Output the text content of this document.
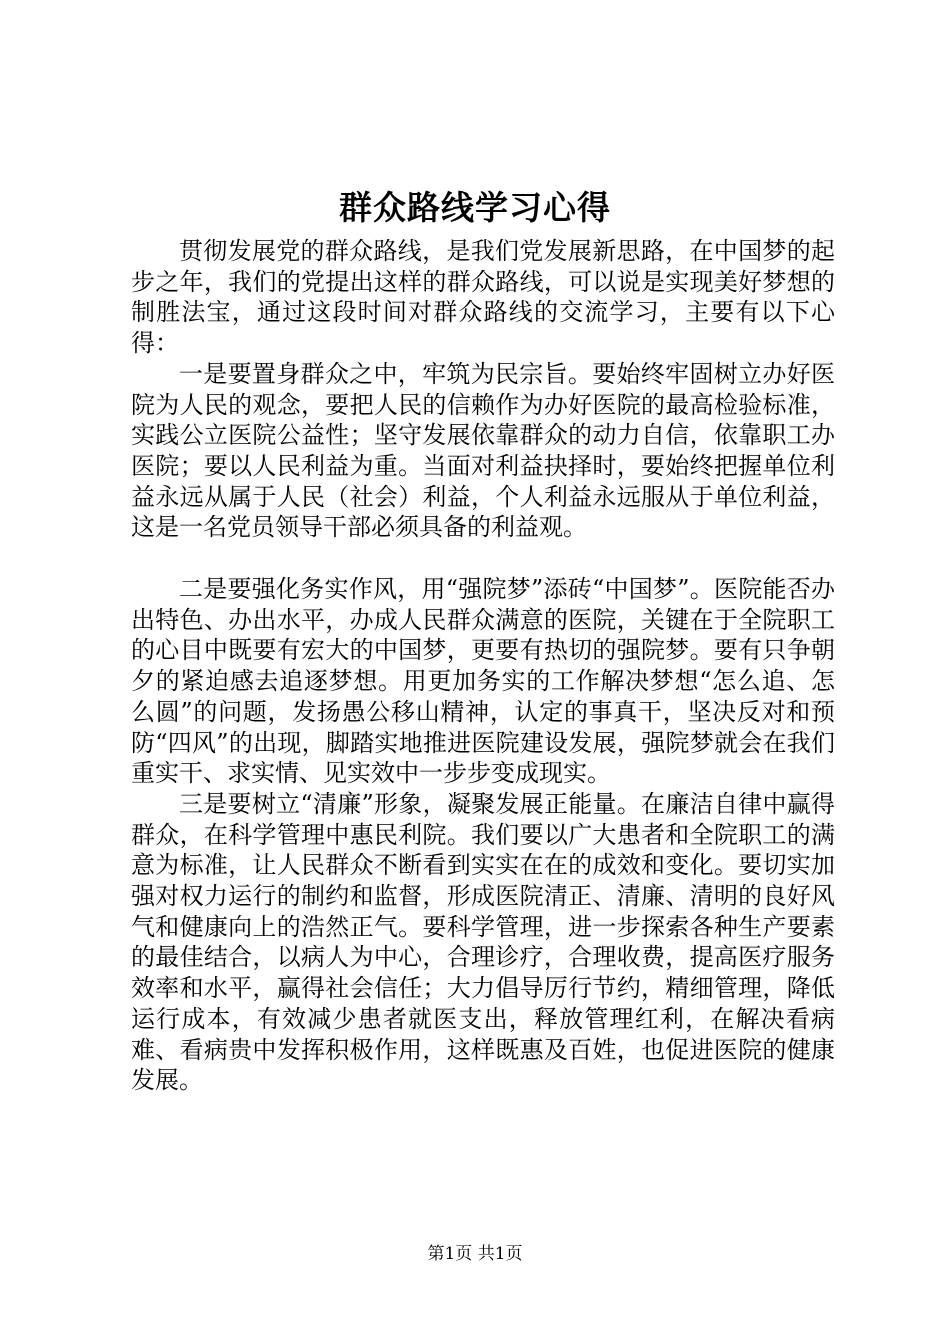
群众路线学习心得

贯彻发展党的群众路线，是我们党发展新思路，在中国梦的起步之年，我们的党提出这样的群众路线，可以说是实现美好梦想的制胜法宝，通过这段时间对群众路线的交流学习，主要有以下心得：

一是要置身群众之中，牢筑为民宗旨。要始终牢固树立办好医院为人民的观念，要把人民的信赖作为办好医院的最高检验标准，实践公立医院公益性；坚守发展依靠群众的动力自信，依靠职工办医院；要以人民利益为重。当面对利益抉择时，要始终把握单位利益永远从属于人民（社会）利益，个人利益永远服从于单位利益，这是一名党员领导干部必须具备的利益观。

二是要强化务实作风，用“强院梦”添砖“中国梦”。医院能否办出特色、办出水平，办成人民群众满意的医院，关键在于全院职工的心目中既要有宏大的中国梦，更要有热切的强院梦。要有只争朝夕的紧迫感去追逐梦想。用更加务实的工作解决梦想“怎么追、怎么圆”的问题，发扬愚公移山精神，认定的事真干，坚决反对和预防“四风”的出现，脚踏实地推进医院建设发展，强院梦就会在我们重实干、求实情、见实效中一步步变成现实。

三是要树立“清廉”形象，凝聚发展正能量。在廉洁自律中赢得群众，在科学管理中惠民利院。我们要以广大患者和全院职工的满意为标准，让人民群众不断看到实实在在的成效和变化。要切实加强对权力运行的制约和监督，形成医院清正、清廉、清明的良好风气和健康向上的浩然正气。要科学管理，进一步探索各种生产要素的最佳结合，以病人为中心，合理诊疗，合理收费，提高医疗服务效率和水平，赢得社会信任；大力倡导厉行节约，精细管理，降低运行成本，有效减少患者就医支出，释放管理红利，在解决看病难、看病贵中发挥积极作用，这样既惠及百姓，也促进医院的健康发展。

第1页 共1页
